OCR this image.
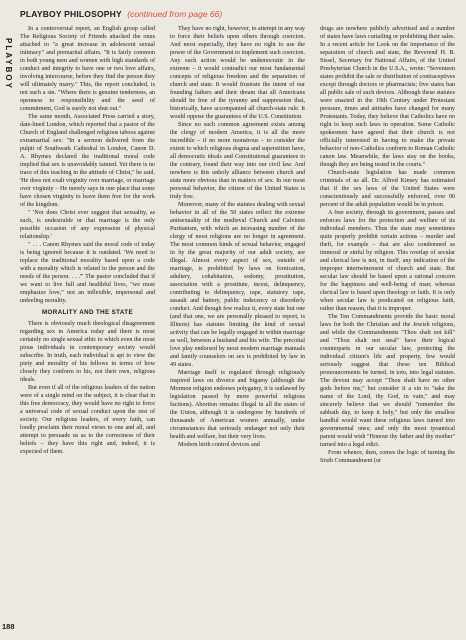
PLAYBOY
PLAYBOY PHILOSOPHY (continued from page 66)

In a controversial report, an English group called The Religious Society of Friends attacked the onus attached to "a great increase in adolescent sexual intimacy" and premarital affairs. "It is fairly common in both young men and women with high standards of conduct and integrity to have one or two love affairs, involving intercourse, before they find the person they will ultimately marry." This, the report concluded, is not such a sin. "Where there is genuine tenderness, an openness to responsibility and the seed of commitment, God is surely not shut out."

The same month, Associated Press carried a story, date-lined London, which reported that a pastor of the Church of England challenged religious taboos against extramarital sex: "In a sermon delivered from the pulpit of Southwark Cathedral in London, Canon D. A. Rhymes declared the traditional moral code implied that sex is unavoidably tainted. Yet there is no trace of this teaching in the attitude of Christ," he said. 'He does not exalt virginity over marriage, or marriage over virginity – He merely says in one place that some have chosen virginity to leave them free for the work of the kingdom.

" 'Nor does Christ ever suggest that sexuality, as such, is undesirable or that marriage is the only possible occasion of any expression of physical relationship.'

" . . . Canon Rhymes said the moral code of today is being ignored because it is outdated. 'We need to replace the traditional morality based upon a code with a morality which is related to the person and the needs of the person. . . .'" The pastor concluded that if we want to live full and healthful lives, "we must emphasize love," not an inflexible, impersonal and unfeeling morality.

MORALITY AND THE STATE

There is obviously much theological disagreement regarding sex in America today and there is most certainly no single sexual ethic to which even the most pious individuals in contemporary society would subscribe. In truth, each individual is apt to view the piety and morality of his fellows in terms of how closely they conform to his, not their own, religious ideals.

But even if all of the religious leaders of the nation were of a single mind on the subject, it is clear that in this free democracy, they would have no right to force a universal code of sexual conduct upon the rest of society. Our religious leaders, of every faith, can loudly proclaim their moral views to one and all, and attempt to persuade us as to the correctness of their beliefs – they have this right and, indeed, it is expected of them.

They have no right, however, to attempt in any way to force their beliefs upon others through coercion. And most especially, they have no right to use the power of the Government to implement such coercion. Any such action would be undemocratic in the extreme – it would contradict our most fundamental concepts of religious freedom and the separation of church and state. It would frustrate the intent of our founding fathers and their dream that all Americans should be free of the tyranny and suppression that, historically, have accompanied all church-state rule. It would oppose the guarantees of the U.S. Constitution.

Since no such common agreement exists among the clergy of modern America, it is all the more incredible – if no more monstrous – to consider the extent to which religious dogma and superstition have, all democratic ideals and Constitutional guarantees to the contrary, found their way into our civil law. And nowhere is this unholy alliance between church and state more obvious than in matters of sex. In our most personal behavior, the citizen of the United States is truly free.

Moreover, many of the statutes dealing with sexual behavior in all of the 50 states reflect the extreme antisexuality of the medieval Church and Calvinist Puritanism, with which an increasing number of the clergy of most religions are no longer in agreement. The most common kinds of sexual behavior, engaged in by the great majority of our adult society, are illegal. Almost every aspect of sex, outside of marriage, is prohibited by laws on fornication, adultery, cohabitation, sodomy, prostitution, association with a prostitute, incest, delinquency, contributing to delinquency, rape, statutory rape, assault and battery, public indecency or disorderly conduct. And though few realize it, every state but one (and that one, we are personally pleased to report, is Illinois) has statutes limiting the kind of sexual activity that can be legally engaged in within marriage as well, between a husband and his wife. The precoital love play endorsed by most modern marriage manuals and family counselors on sex is prohibited by law in 49 states.

Marriage itself is regulated through religiously inspired laws on divorce and bigamy (although the Mormon religion endorses polygamy, it is outlawed by legislation passed by more powerful religious factions). Abortion remains illegal in all the states of the Union, although it is undergone by hundreds of thousands of American women annually, under circumstances that seriously endanger not only their health and welfare, but their very lives.

Modern birth control devices and

drugs are nowhere publicly advertised and a number of states have laws curtailing or prohibiting their sales. In a recent article for Look on the importance of the separation of church and state, the Reverend H. B. Sissel, Secretary for National Affairs, of the United Presbyterian Church in the U.S.A., wrote: "Seventeen states prohibit the sale or distribution of contraceptives except through doctors or pharmacists; five states ban all public sale of such devices. Although these statutes were enacted in the 19th Century under Protestant pressure, times and attitudes have changed for many Protestants. Today, they believe that Catholics have no right to keep such laws in operation. Some Catholic spokesmen have agreed that their church is not officially interested in having to make the private behavior of non-Catholics conform to Roman Catholic canon law. Meanwhile, the laws stay on the books, though they are being tested in the courts."

Church-state legislation has made common criminals of us all. Dr. Alfred Kinsey has estimated that if the sex laws of the United States were conscientiously and successfully enforced, over 90 percent of the adult population would be in prison.

A free society, through its government, passes and enforces laws for the protection and welfare of its individual members. Thus the state may sometimes quite properly prohibit certain actions – murder and theft, for example – that are also condemned as immoral or sinful by religion. This overlap of secular and clerical law is not, in itself, any indication of the improper intertwinement of church and state. But secular law should be based upon a rational concern for the happiness and well-being of man; whereas clerical law is based upon theology or faith. It is only when secular law is predicated on religious faith, rather than reason, that it is improper.

The Ten Commandments provide the basic moral laws for both the Christian and the Jewish religions, and while the Commandments "Thou shalt not kill" and "Thou shalt not steal" have their logical counterparts in our secular law, protecting the individual citizen's life and property, few would seriously suggest that these ten Biblical pronouncements be turned, in toto, into legal statutes. The devout may accept "Thou shalt have no other gods before me," but consider it a sin to "take the name of the Lord, thy God, in vain," and may sincerely believe that we should "remember the sabbath day, to keep it holy," but only the smallest handful would want these religious laws turned into governmental ones; and only the most tyrannical parent would wish "Honour thy father and thy mother" turned into a legal edict.

From whence, then, comes the logic of turning the Sixth Commandment (or

188
